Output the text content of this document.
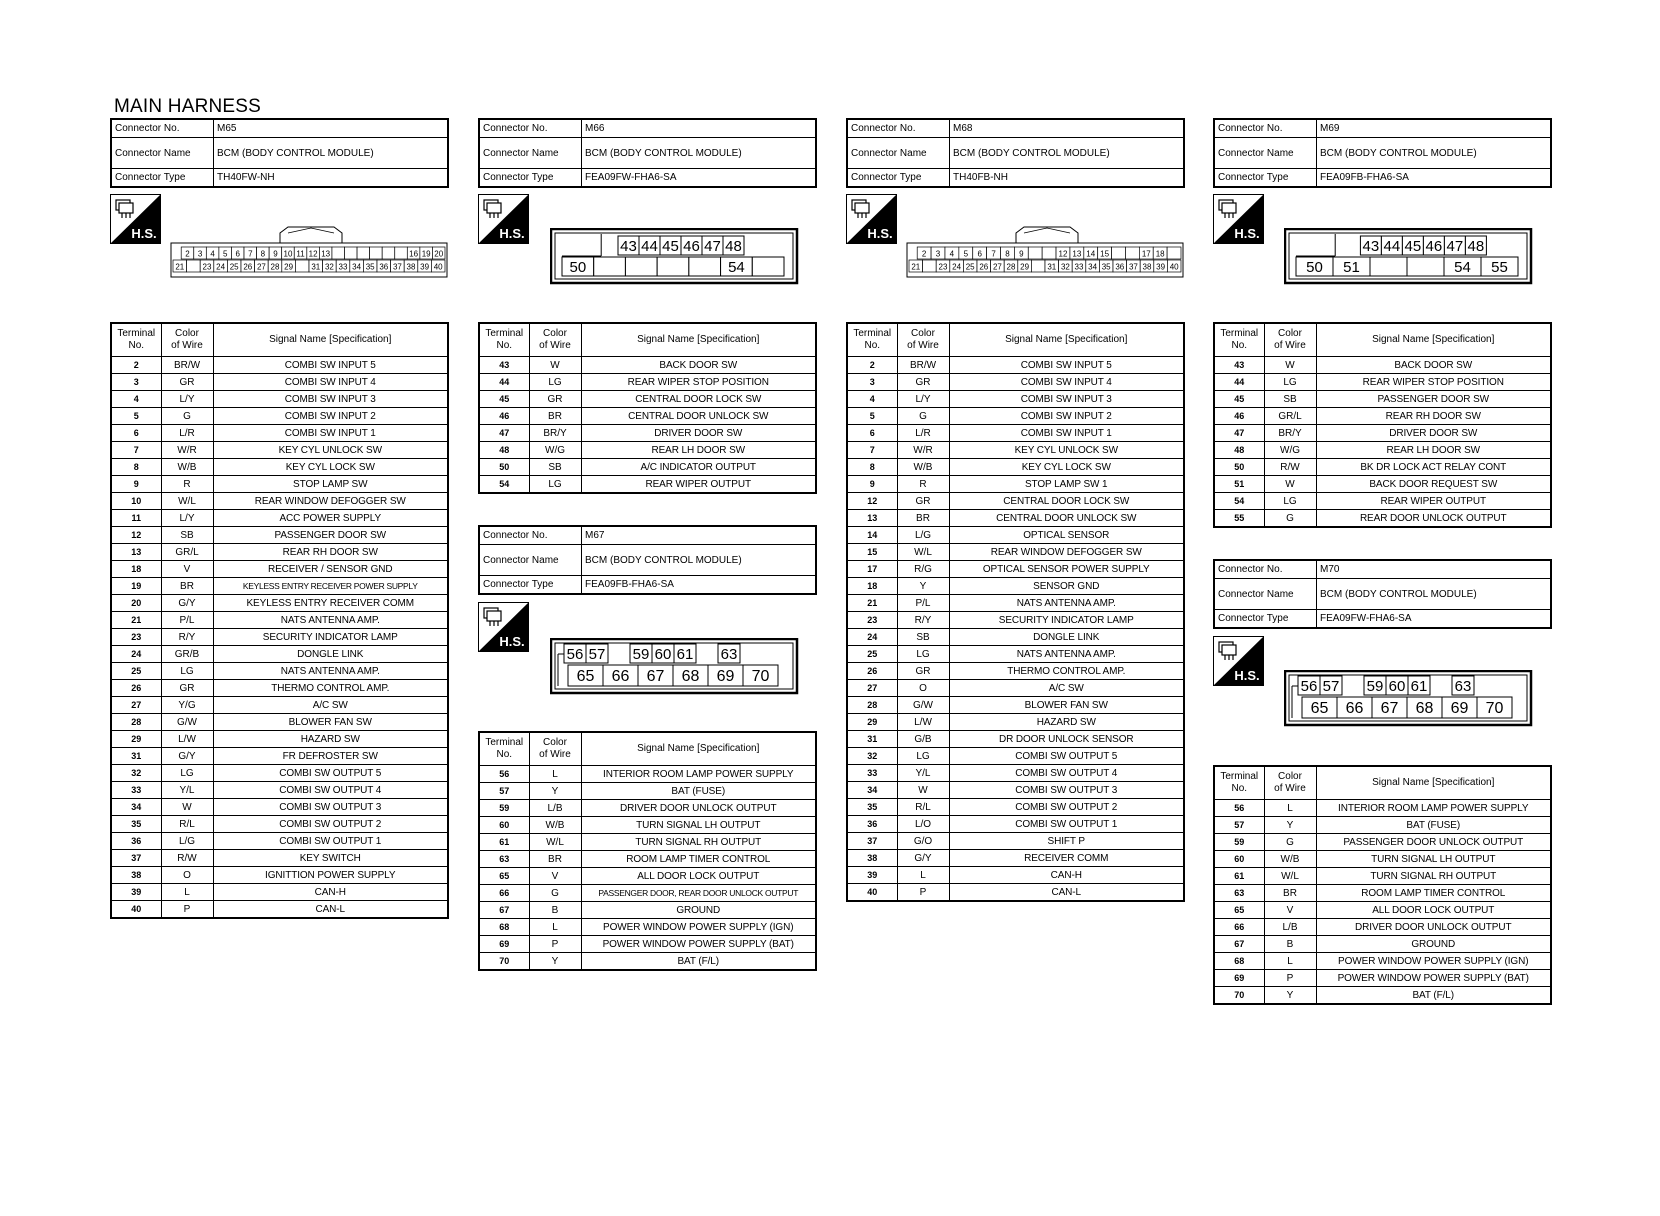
MAIN HARNESS
Connector No.	M65
Connector Name	BCM (BODY CONTROL MODULE)
Connector Type	TH40FW-NH
H.S.
2 3 4 5 6 7 8 9 10 11 12 13	16 19 20
21 23 24 25 26 27 28 29 31 32 33 34 35 36 37 38 39 40
Terminal
No.	Color
of Wire	Signal Name [Specification]
2	BR/W	COMBI SW INPUT 5
3	GR	COMBI SW INPUT 4
4	L/Y	COMBI SW INPUT 3
5	G	COMBI SW INPUT 2
6	L/R	COMBI SW INPUT 1
7	W/R	KEY CYL UNLOCK SW
8	W/B	KEY CYL LOCK SW
9	R	STOP LAMP SW
10	W/L	REAR WINDOW DEFOGGER SW
11	L/Y	ACC POWER SUPPLY
12	SB	PASSENGER DOOR SW
13	GR/L	REAR RH DOOR SW
18	V	RECEIVER / SENSOR GND
19	BR	KEYLESS ENTRY RECEIVER POWER SUPPLY
20	G/Y	KEYLESS ENTRY RECEIVER COMM
21	P/L	NATS ANTENNA AMP.
23	R/Y	SECURITY INDICATOR LAMP
24	GR/B	DONGLE LINK
25	LG	NATS ANTENNA AMP.
26	GR	THERMO CONTROL AMP.
27	Y/G	A/C SW
28	G/W	BLOWER FAN SW
29	L/W	HAZARD SW
31	G/Y	FR DEFROSTER SW
32	LG	COMBI SW OUTPUT 5
33	Y/L	COMBI SW OUTPUT 4
34	W	COMBI SW OUTPUT 3
35	R/L	COMBI SW OUTPUT 2
36	L/G	COMBI SW OUTPUT 1
37	R/W	KEY SWITCH
38	O	IGNITTION POWER SUPPLY
39	L	CAN-H
40	P	CAN-L
Connector No.	M66
Connector Name	BCM (BODY CONTROL MODULE)
Connector Type	FEA09FW-FHA6-SA
H.S.
43 44 45 46 47 48
50	54
Terminal
No.	Color
of Wire	Signal Name [Specification]
43	W	BACK DOOR SW
44	LG	REAR WIPER STOP POSITION
45	GR	CENTRAL DOOR LOCK SW
46	BR	CENTRAL DOOR UNLOCK SW
47	BR/Y	DRIVER DOOR SW
48	W/G	REAR LH DOOR SW
50	SB	A/C INDICATOR OUTPUT
54	LG	REAR WIPER OUTPUT
Connector No.	M67
Connector Name	BCM (BODY CONTROL MODULE)
Connector Type	FEA09FB-FHA6-SA
H.S.
56 57 59 60 61 63
65 66 67 68 69 70
Terminal
No.	Color
of Wire	Signal Name [Specification]
56	L	INTERIOR ROOM LAMP POWER SUPPLY
57	Y	BAT (FUSE)
59	L/B	DRIVER DOOR UNLOCK OUTPUT
60	W/B	TURN SIGNAL LH OUTPUT
61	W/L	TURN SIGNAL RH OUTPUT
63	BR	ROOM LAMP TIMER CONTROL
65	V	ALL DOOR LOCK OUTPUT
66	G	PASSENGER DOOR, REAR DOOR UNLOCK OUTPUT
67	B	GROUND
68	L	POWER WINDOW POWER SUPPLY (IGN)
69	P	POWER WINDOW POWER SUPPLY (BAT)
70	Y	BAT (F/L)
Connector No.	M68
Connector Name	BCM (BODY CONTROL MODULE)
Connector Type	TH40FB-NH
H.S.
2 3 4 5 6 7 8 9	12 13 14 15	17 18
21 23 24 25 26 27 28 29 31 32 33 34 35 36 37 38 39 40
Terminal
No.	Color
of Wire	Signal Name [Specification]
2	BR/W	COMBI SW INPUT 5
3	GR	COMBI SW INPUT 4
4	L/Y	COMBI SW INPUT 3
5	G	COMBI SW INPUT 2
6	L/R	COMBI SW INPUT 1
7	W/R	KEY CYL UNLOCK SW
8	W/B	KEY CYL LOCK SW
9	R	STOP LAMP SW 1
12	GR	CENTRAL DOOR LOCK SW
13	BR	CENTRAL DOOR UNLOCK SW
14	L/G	OPTICAL SENSOR
15	W/L	REAR WINDOW DEFOGGER SW
17	R/G	OPTICAL SENSOR POWER SUPPLY
18	Y	SENSOR GND
21	P/L	NATS ANTENNA AMP.
23	R/Y	SECURITY INDICATOR LAMP
24	SB	DONGLE LINK
25	LG	NATS ANTENNA AMP.
26	GR	THERMO CONTROL AMP.
27	O	A/C SW
28	G/W	BLOWER FAN SW
29	L/W	HAZARD SW
31	G/B	DR DOOR UNLOCK SENSOR
32	LG	COMBI SW OUTPUT 5
33	Y/L	COMBI SW OUTPUT 4
34	W	COMBI SW OUTPUT 3
35	R/L	COMBI SW OUTPUT 2
36	L/O	COMBI SW OUTPUT 1
37	G/O	SHIFT P
38	G/Y	RECEIVER COMM
39	L	CAN-H
40	P	CAN-L
Connector No.	M69
Connector Name	BCM (BODY CONTROL MODULE)
Connector Type	FEA09FB-FHA6-SA
H.S.
43 44 45 46 47 48
50 51	54 55
Terminal
No.	Color
of Wire	Signal Name [Specification]
43	W	BACK DOOR SW
44	LG	REAR WIPER STOP POSITION
45	SB	PASSENGER DOOR SW
46	GR/L	REAR RH DOOR SW
47	BR/Y	DRIVER DOOR SW
48	W/G	REAR LH DOOR SW
50	R/W	BK DR LOCK ACT RELAY CONT
51	W	BACK DOOR REQUEST SW
54	LG	REAR WIPER OUTPUT
55	G	REAR DOOR UNLOCK OUTPUT
Connector No.	M70
Connector Name	BCM (BODY CONTROL MODULE)
Connector Type	FEA09FW-FHA6-SA
H.S.
56 57 59 60 61 63
65 66 67 68 69 70
Terminal
No.	Color
of Wire	Signal Name [Specification]
56	L	INTERIOR ROOM LAMP POWER SUPPLY
57	Y	BAT (FUSE)
59	G	PASSENGER DOOR UNLOCK OUTPUT
60	W/B	TURN SIGNAL LH OUTPUT
61	W/L	TURN SIGNAL RH OUTPUT
63	BR	ROOM LAMP TIMER CONTROL
65	V	ALL DOOR LOCK OUTPUT
66	L/B	DRIVER DOOR UNLOCK OUTPUT
67	B	GROUND
68	L	POWER WINDOW POWER SUPPLY (IGN)
69	P	POWER WINDOW POWER SUPPLY (BAT)
70	Y	BAT (F/L)
